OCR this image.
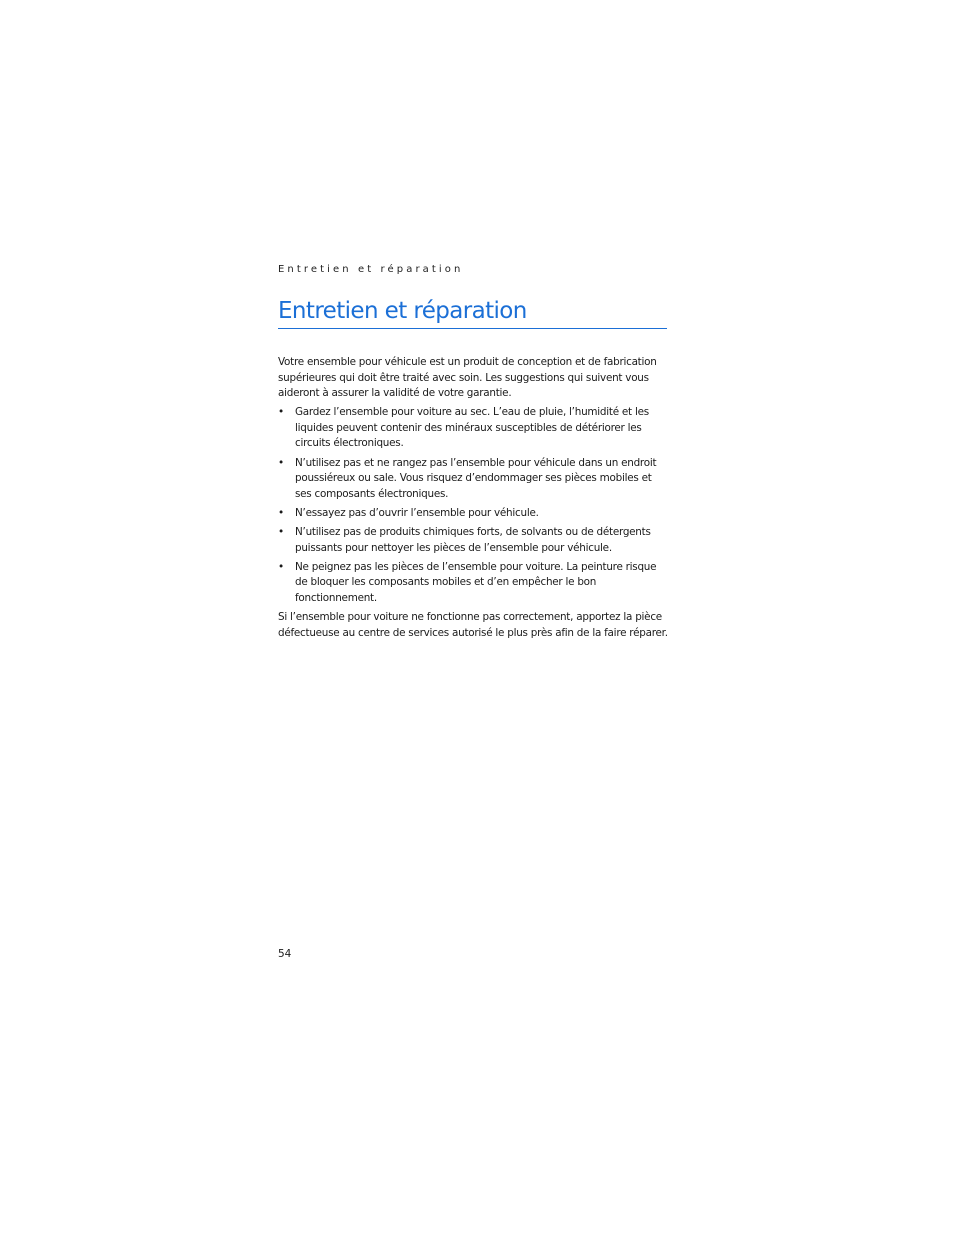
Entretien et réparation
Entretien et réparation

Votre ensemble pour véhicule est un produit de conception et de fabrication supérieures qui doit être traité avec soin. Les suggestions qui suivent vous aideront à assurer la validité de votre garantie.

• Gardez l’ensemble pour voiture au sec. L’eau de pluie, l’humidité et les liquides peuvent contenir des minéraux susceptibles de détériorer les circuits électroniques.
• N’utilisez pas et ne rangez pas l’ensemble pour véhicule dans un endroit poussiéreux ou sale. Vous risquez d’endommager ses pièces mobiles et ses composants électroniques.
• N’essayez pas d’ouvrir l’ensemble pour véhicule.
• N’utilisez pas de produits chimiques forts, de solvants ou de détergents puissants pour nettoyer les pièces de l’ensemble pour véhicule.
• Ne peignez pas les pièces de l’ensemble pour voiture. La peinture risque de bloquer les composants mobiles et d’en empêcher le bon fonctionnement.

Si l’ensemble pour voiture ne fonctionne pas correctement, apportez la pièce défectueuse au centre de services autorisé le plus près afin de la faire réparer.

54
